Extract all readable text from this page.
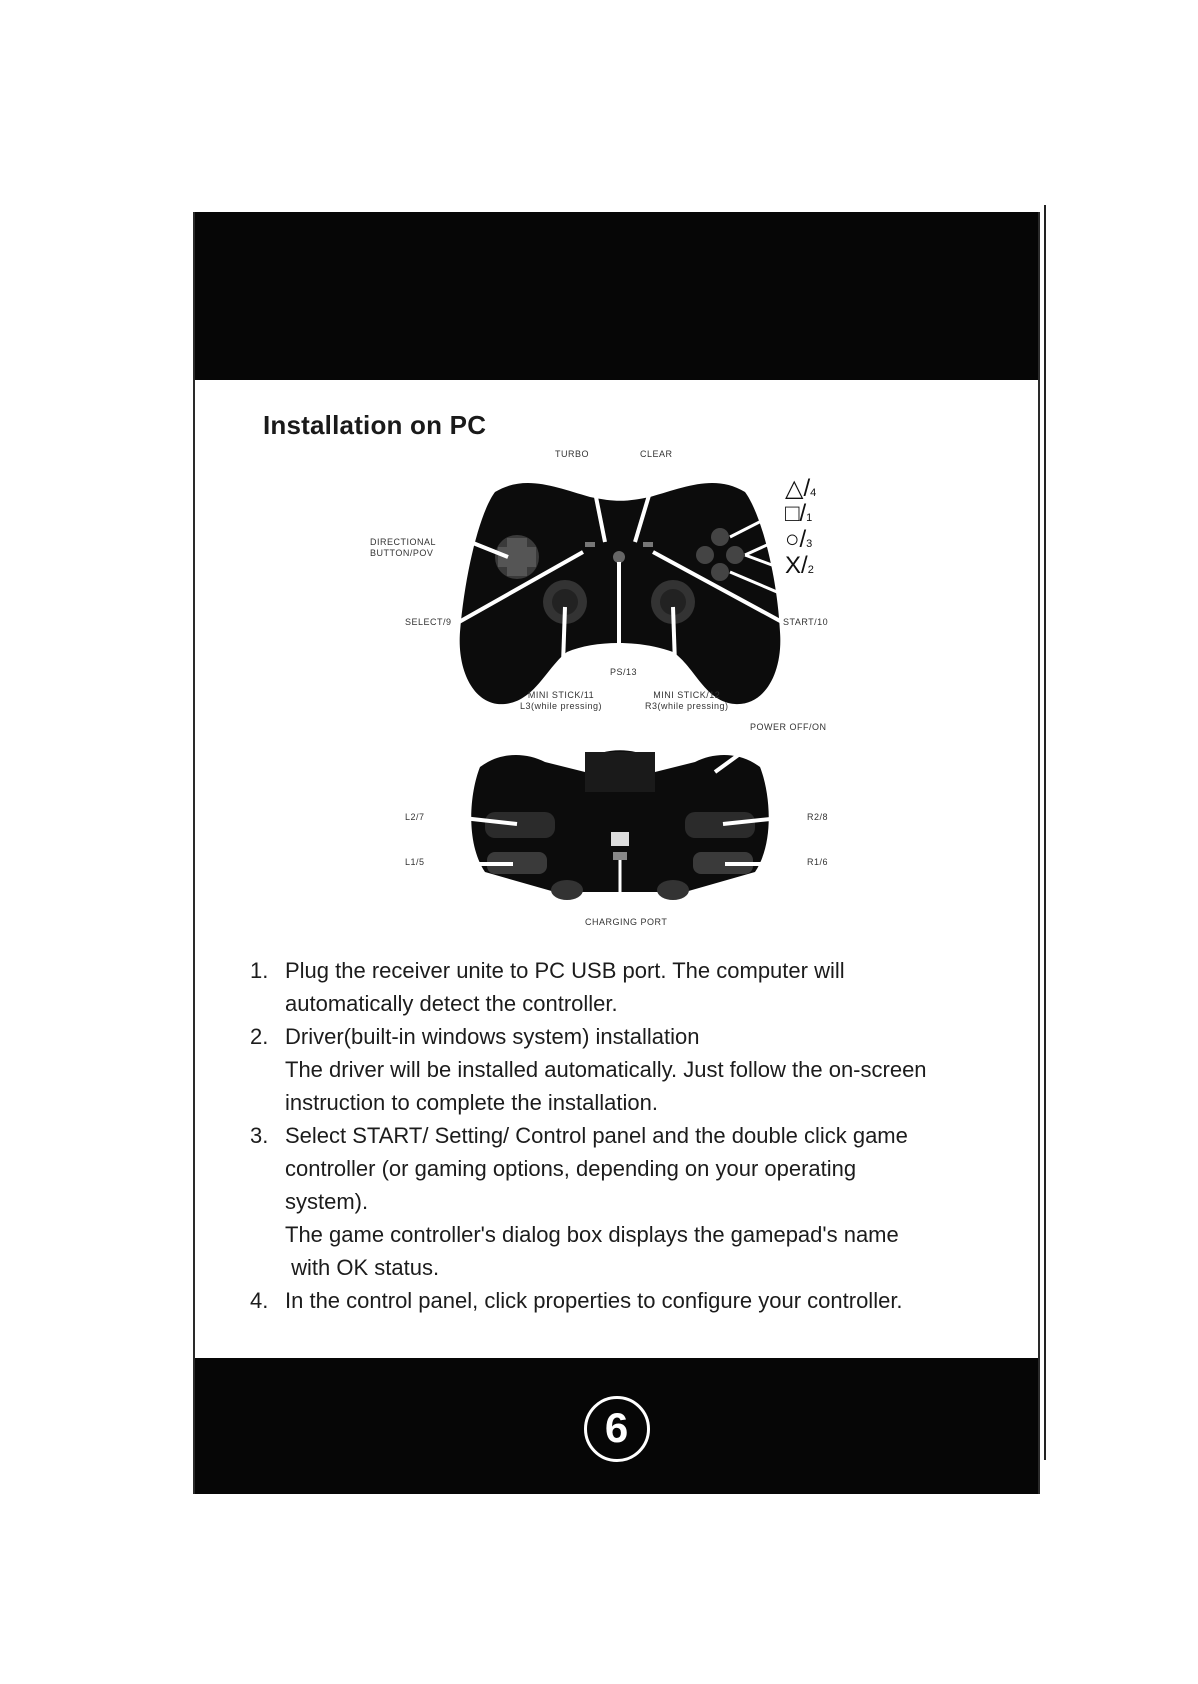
Installation on PC
TURBO	CLEAR
DIRECTIONAL
BUTTON/POV
SELECT/9	START/10
PS/13
MINI STICK/11
L3(while pressing)
MINI STICK/12
R3(while pressing)
△/4
□/1
○/3
X/2
POWER OFF/ON
L2/7
L1/5
R2/8
R1/6
CHARGING PORT
1. Plug the receiver unite to PC USB port. The computer will
automatically detect the controller.
2. Driver(built-in windows system) installation
The driver will be installed automatically. Just follow the on-screen
instruction to complete the installation.
3. Select START/ Setting/ Control panel and the double click game
controller (or gaming options, depending on your operating
system).
The game controller's dialog box displays the gamepad's name
with OK status.
4. In the control panel, click properties to configure your controller.
6
